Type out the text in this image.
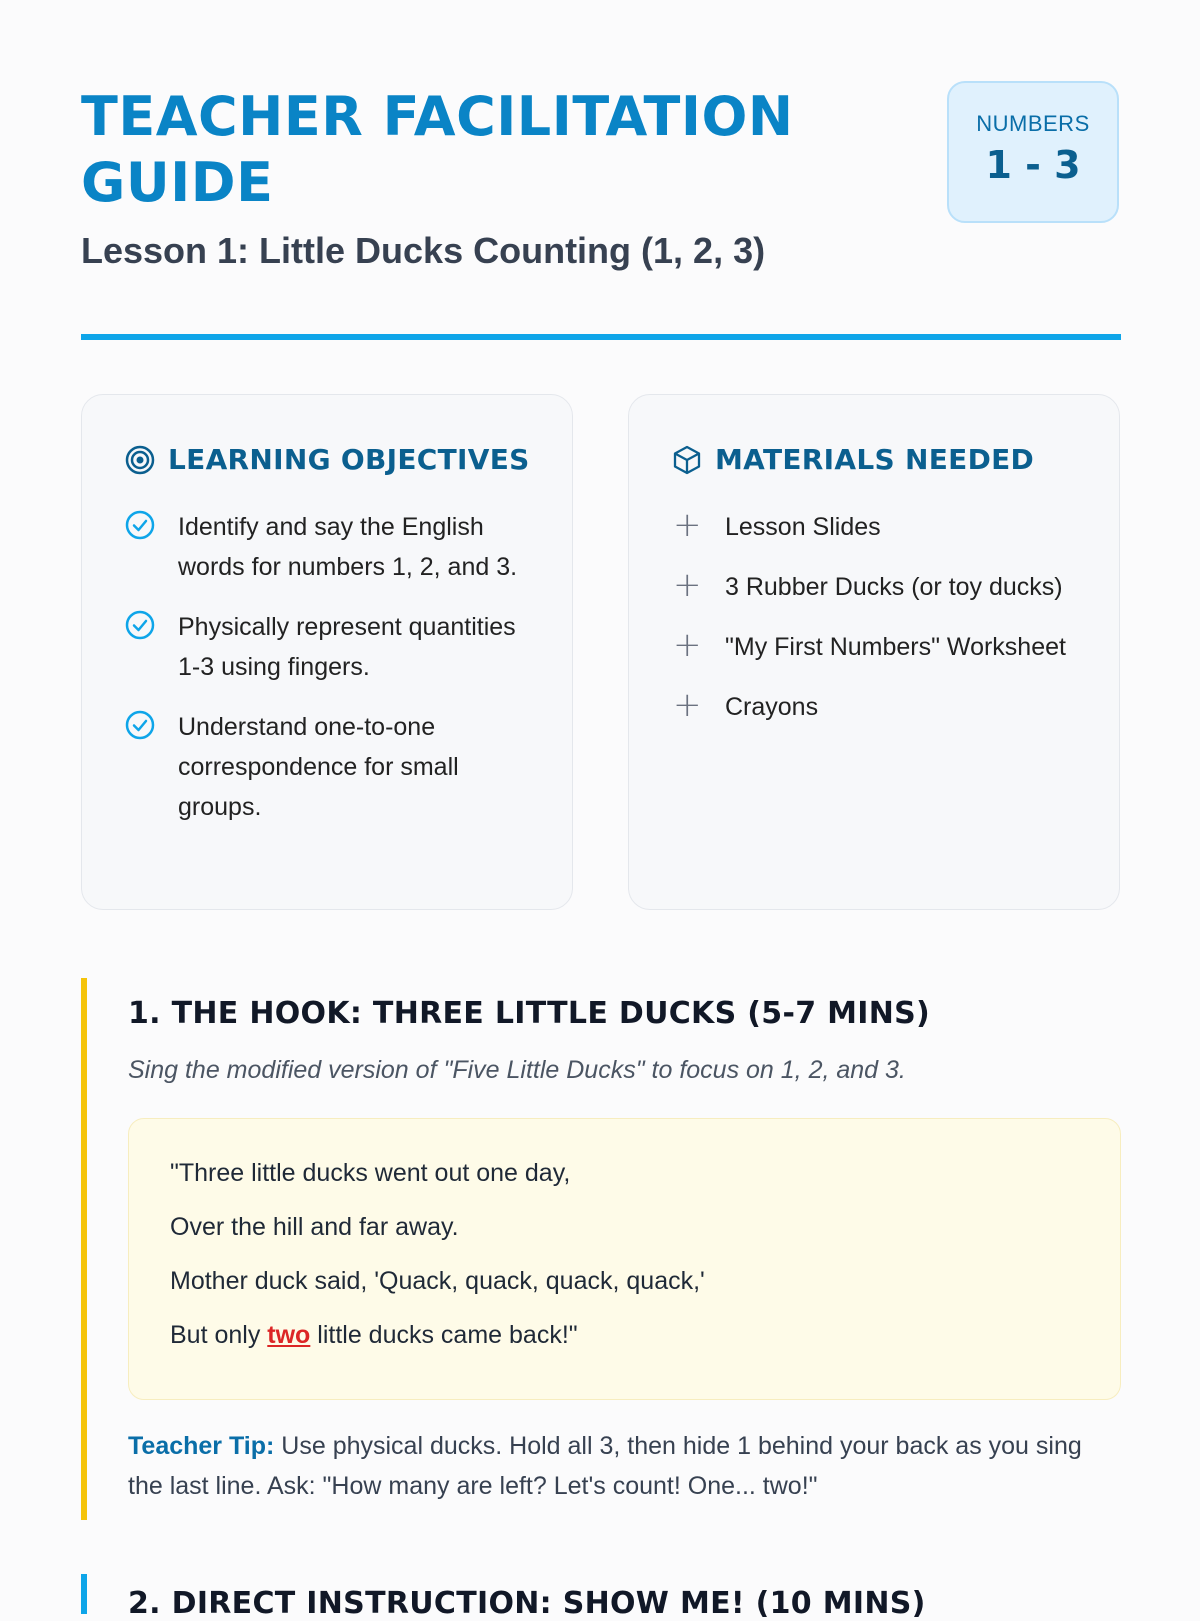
TEACHER FACILITATION GUIDE
Lesson 1: Little Ducks Counting (1, 2, 3)
NUMBERS
1 - 3
LEARNING OBJECTIVES
Identify and say the English words for numbers 1, 2, and 3.
Physically represent quantities 1-3 using fingers.
Understand one-to-one correspondence for small groups.
MATERIALS NEEDED
+ Lesson Slides
+ 3 Rubber Ducks (or toy ducks)
+ "My First Numbers" Worksheet
+ Crayons
1. THE HOOK: THREE LITTLE DUCKS (5-7 MINS)
Sing the modified version of "Five Little Ducks" to focus on 1, 2, and 3.

"Three little ducks went out one day,

Over the hill and far away.

Mother duck said, 'Quack, quack, quack, quack,'

But only two little ducks came back!"

Teacher Tip: Use physical ducks. Hold all 3, then hide 1 behind your back as you sing the last line. Ask: "How many are left? Let's count! One... two!"

2. DIRECT INSTRUCTION: SHOW ME! (10 MINS)
